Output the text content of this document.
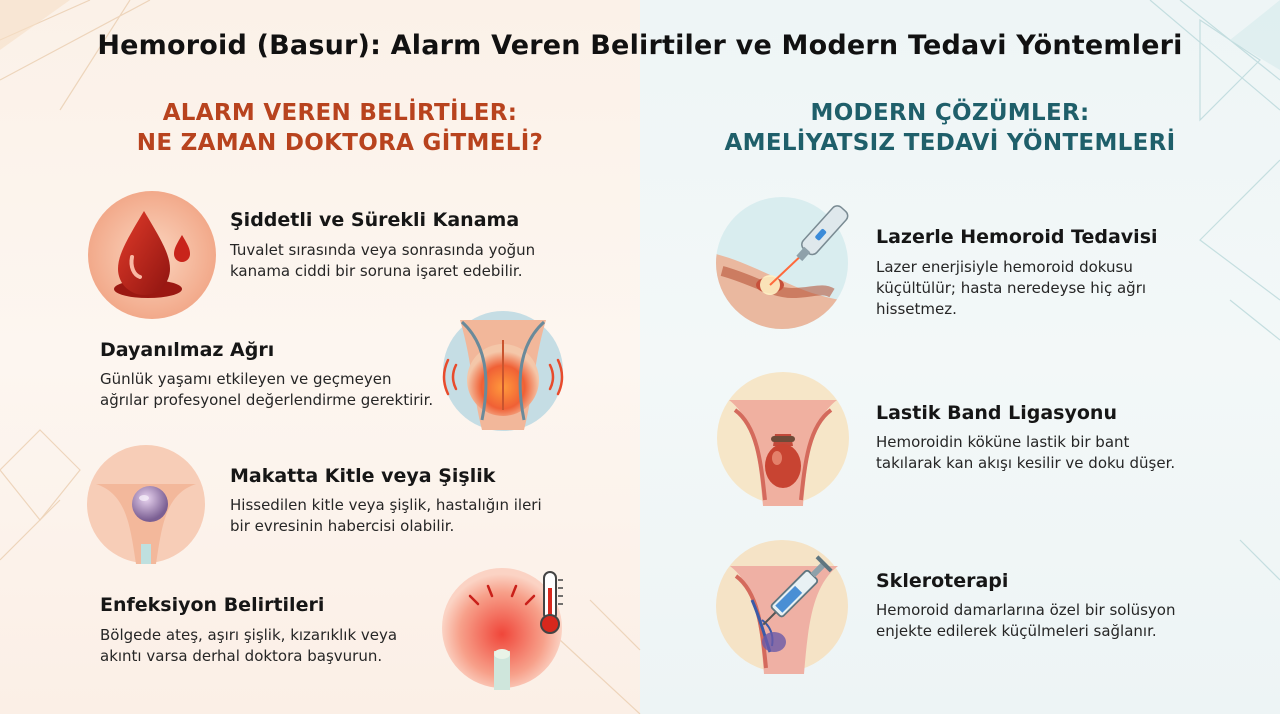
Hemoroid (Basur): Alarm Veren Belirtiler ve Modern Tedavi Yöntemleri
ALARM VEREN BELİRTİLER:
NE ZAMAN DOKTORA GİTMELİ?
MODERN ÇÖZÜMLER:
AMELİYATSIZ TEDAVİ YÖNTEMLERİ
Şiddetli ve Sürekli Kanama
Tuvalet sırasında veya sonrasında yoğun
kanama ciddi bir soruna işaret edebilir.
Dayanılmaz Ağrı
Günlük yaşamı etkileyen ve geçmeyen
ağrılar profesyonel değerlendirme gerektirir.
Makatta Kitle veya Şişlik
Hissedilen kitle veya şişlik, hastalığın ileri
bir evresinin habercisi olabilir.
Enfeksiyon Belirtileri
Bölgede ateş, aşırı şişlik, kızarıklık veya
akıntı varsa derhal doktora başvurun.
Lazerle Hemoroid Tedavisi
Lazer enerjisiyle hemoroid dokusu
küçültülür; hasta neredeyse hiç ağrı
hissetmez.
Lastik Band Ligasyonu
Hemoroidin köküne lastik bir bant
takılarak kan akışı kesilir ve doku düşer.
Skleroterapi
Hemoroid damarlarına özel bir solüsyon
enjekte edilerek küçülmeleri sağlanır.
